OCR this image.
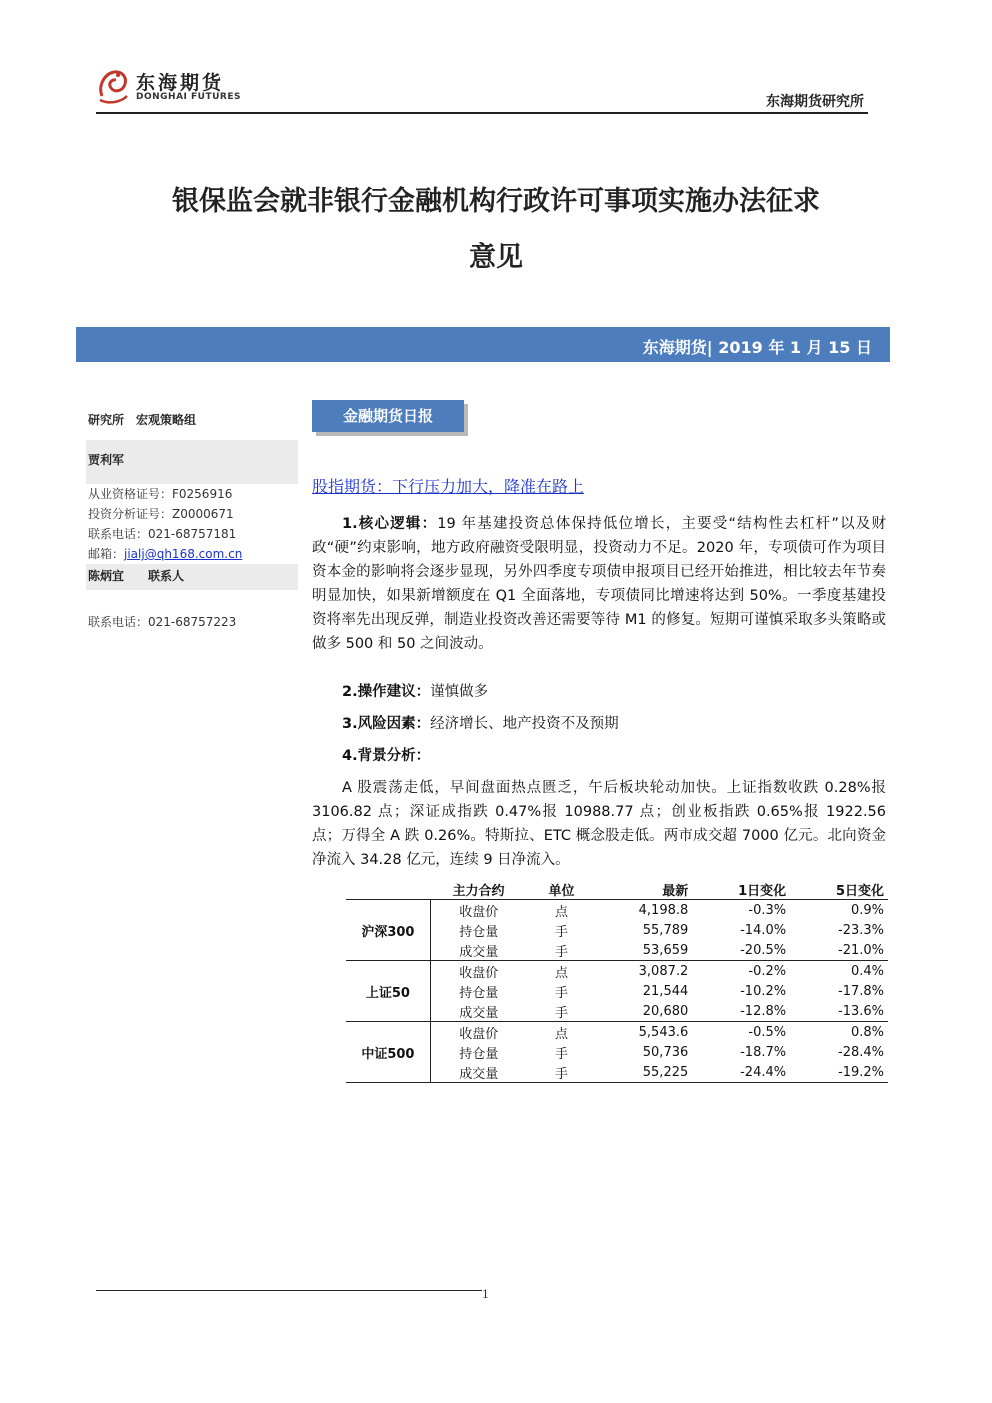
东海期货
DONGHAI FUTURES	东海期货研究所
银保监会就非银行金融机构行政许可事项实施办法征求
意见
东海期货| 2019 年 1 月 15 日
研究所　宏观策略组
贾利军
从业资格证号：F0256916
投资分析证号：Z0000671
联系电话：021-68757181
邮箱：jialj@qh168.com.cn
陈炳宜　　联系人
联系电话：021-68757223
金融期货日报
股指期货：下行压力加大，降准在路上
1.核心逻辑：19 年基建投资总体保持低位增长，主要受“结构性去杠杆”以及财政“硬”约束影响，地方政府融资受限明显，投资动力不足。2020 年，专项债可作为项目资本金的影响将会逐步显现，另外四季度专项债申报项目已经开始推进，相比较去年节奏明显加快，如果新增额度在 Q1 全面落地，专项债同比增速将达到 50%。一季度基建投资将率先出现反弹，制造业投资改善还需要等待 M1 的修复。短期可谨慎采取多头策略或做多 500 和 50 之间波动。
2.操作建议：谨慎做多
3.风险因素：经济增长、地产投资不及预期
4.背景分析：
A 股震荡走低，早间盘面热点匮乏，午后板块轮动加快。上证指数收跌 0.28%报 3106.82 点；深证成指跌 0.47%报 10988.77 点；创业板指跌 0.65%报 1922.56 点；万得全 A 跌 0.26%。特斯拉、ETC 概念股走低。两市成交超 7000 亿元。北向资金净流入 34.28 亿元，连续 9 日净流入。
	主力合约	单位	最新	1日变化	5日变化
沪深300	收盘价	点	4,198.8	-0.3%	0.9%
	持仓量	手	55,789	-14.0%	-23.3%
	成交量	手	53,659	-20.5%	-21.0%
上证50	收盘价	点	3,087.2	-0.2%	0.4%
	持仓量	手	21,544	-10.2%	-17.8%
	成交量	手	20,680	-12.8%	-13.6%
中证500	收盘价	点	5,543.6	-0.5%	0.8%
	持仓量	手	50,736	-18.7%	-28.4%
	成交量	手	55,225	-24.4%	-19.2%
1
